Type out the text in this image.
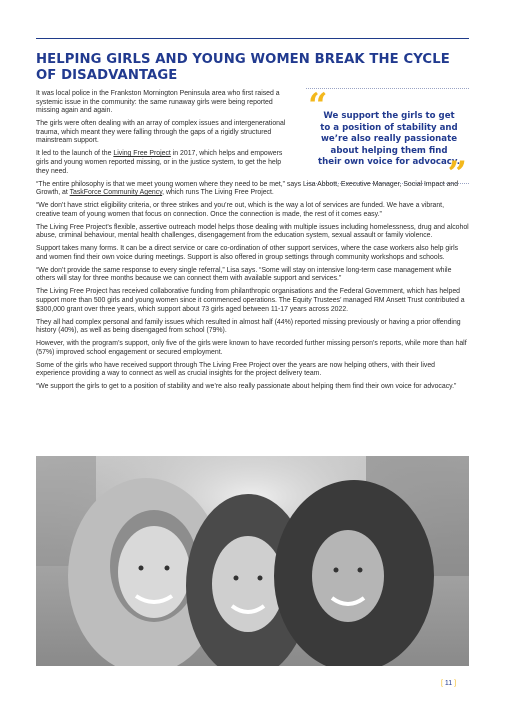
HELPING GIRLS AND YOUNG WOMEN BREAK THE CYCLE OF DISADVANTAGE
“
We support the girls to get to a position of stability and we’re also really passionate about helping them find their own voice for advocacy.
”

It was local police in the Frankston Mornington Peninsula area who first raised a systemic issue in the community: the same runaway girls were being reported missing again and again.

The girls were often dealing with an array of complex issues and intergenerational trauma, which meant they were falling through the gaps of a rigidly structured mainstream support.

It led to the launch of the Living Free Project in 2017, which helps and empowers girls and young women reported missing, or in the justice system, to get the help they need.

“The entire philosophy is that we meet young women where they need to be met,” says Lisa Abbott, Executive Manager, Social Impact and Growth, at TaskForce Community Agency, which runs The Living Free Project.

“We don’t have strict eligibility criteria, or three strikes and you’re out, which is the way a lot of services are funded. We have a vibrant, creative team of young women that focus on connection. Once the connection is made, the rest of it comes easy.”

The Living Free Project’s flexible, assertive outreach model helps those dealing with multiple issues including homelessness, drug and alcohol abuse, criminal behaviour, mental health challenges, disengagement from the education system, sexual assault or family violence.

Support takes many forms. It can be a direct service or care co-ordination of other support services, where the case workers also help girls and women find their own voice during meetings. Support is also offered in group settings through community workshops and schools.

“We don’t provide the same response to every single referral,” Lisa says. “Some will stay on intensive long-term case management while others will stay for three months because we can connect them with available support and services.”

The Living Free Project has received collaborative funding from philanthropic organisations and the Federal Government, which has helped support more than 500 girls and young women since it commenced operations. The Equity Trustees’ managed RM Ansett Trust contributed a $300,000 grant over three years, which support about 73 girls aged between 11-17 years across 2022.

They all had complex personal and family issues which resulted in almost half (44%) reported missing previously or having a prior offending history (40%), as well as being disengaged from school (79%).

However, with the program’s support, only five of the girls were known to have recorded further missing person’s reports, while more than half (57%) improved school engagement or secured employment.

Some of the girls who have received support through The Living Free Project over the years are now helping others, with their lived experience providing a way to connect as well as crucial insights for the project delivery team.

“We support the girls to get to a position of stability and we’re also really passionate about helping them find their own voice for advocacy.”

[ 11 ]
